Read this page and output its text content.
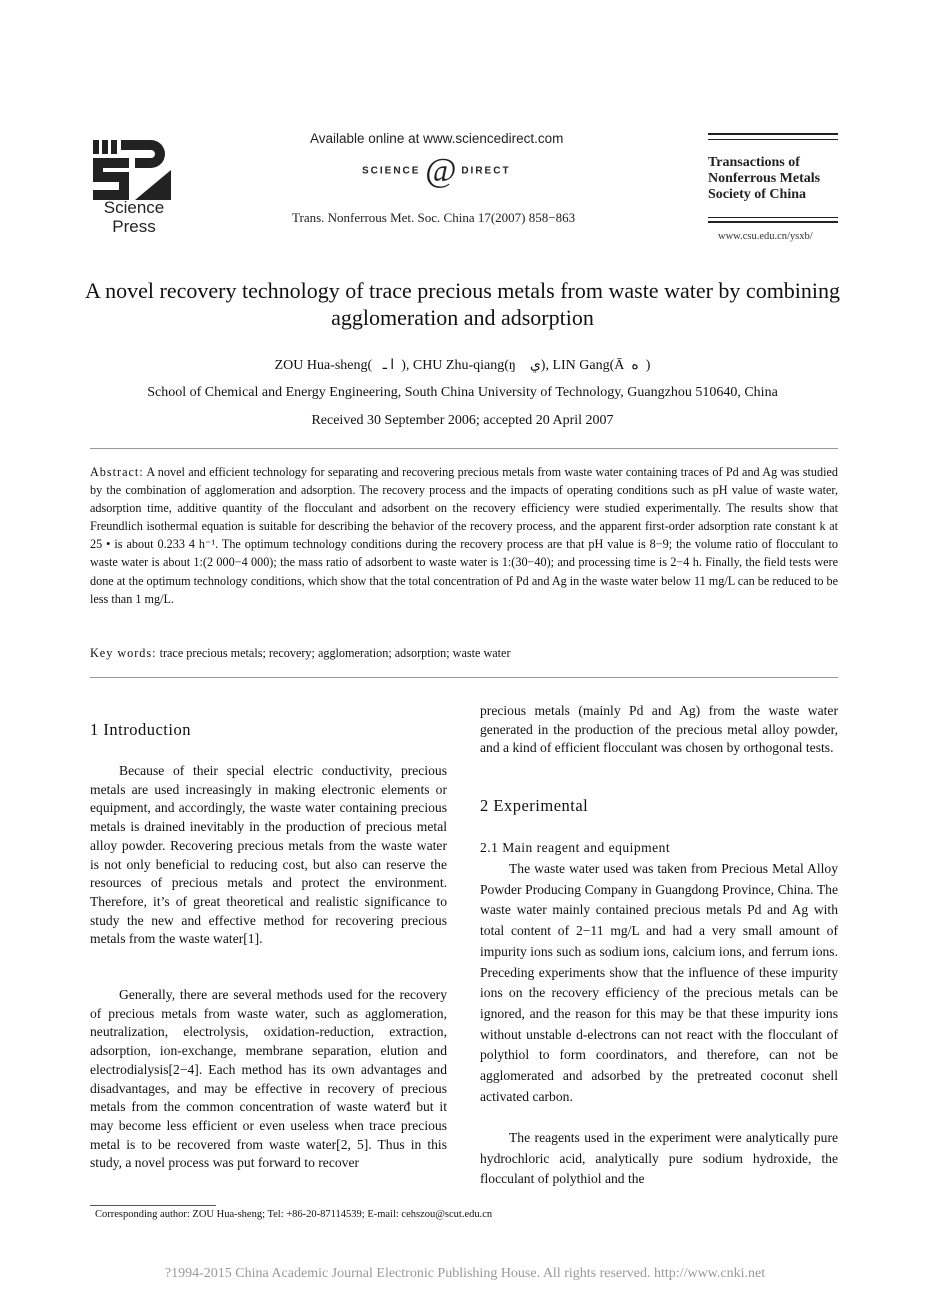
Science Press
Available online at www.sciencedirect.com
SCIENCE @ DIRECT
Trans. Nonferrous Met. Soc. China 17(2007) 858−863
Transactions of
Nonferrous Metals
Society of China
www.csu.edu.cn/ysxb/
A novel recovery technology of trace precious metals from waste water by combining agglomeration and adsorption
ZOU Hua-sheng(   ا ـ  ), CHU Zhu-qiang(ŋ    ي), LIN Gang(Ā  ه  )
School of Chemical and Energy Engineering, South China University of Technology, Guangzhou 510640, China
Received 30 September 2006; accepted 20 April 2007
Abstract: A novel and efficient technology for separating and recovering precious metals from waste water containing traces of Pd and Ag was studied by the combination of agglomeration and adsorption. The recovery process and the impacts of operating conditions such as pH value of waste water, adsorption time, additive quantity of the flocculant and adsorbent on the recovery efficiency were studied experimentally. The results show that Freundlich isothermal equation is suitable for describing the behavior of the recovery process, and the apparent first-order adsorption rate constant k at 25 • is about 0.233 4 h⁻¹. The optimum technology conditions during the recovery process are that pH value is 8−9; the volume ratio of flocculant to waste water is about 1:(2 000−4 000); the mass ratio of adsorbent to waste water is 1:(30−40); and processing time is 2−4 h. Finally, the field tests were done at the optimum technology conditions, which show that the total concentration of Pd and Ag in the waste water below 11 mg/L can be reduced to be less than 1 mg/L.
Key words: trace precious metals; recovery; agglomeration; adsorption; waste water
1 Introduction
Because of their special electric conductivity, precious metals are used increasingly in making electronic elements or equipment, and accordingly, the waste water containing precious metals is drained inevitably in the production of precious metal alloy powder. Recovering precious metals from the waste water is not only beneficial to reducing cost, but also can reserve the resources of precious metals and protect the environment. Therefore, it’s of great theoretical and realistic significance to study the new and effective method for recovering precious metals from the waste water[1].
Generally, there are several methods used for the recovery of precious metals from waste water, such as agglomeration, neutralization, electrolysis, oxidation-reduction, extraction, adsorption, ion-exchange, membrane separation, elution and electrodialysis[2−4]. Each method has its own advantages and disadvantages, and may be effective in recovery of precious metals from the common concentration of waste waterđ but it may become less efficient or even useless when trace precious metal is to be recovered from waste water[2, 5]. Thus in this study, a novel process was put forward to recover
precious metals (mainly Pd and Ag) from the waste water generated in the production of the precious metal alloy powder, and a kind of efficient flocculant was chosen by orthogonal tests.
2 Experimental
2.1 Main reagent and equipment
The waste water used was taken from Precious Metal Alloy Powder Producing Company in Guangdong Province, China. The waste water mainly contained precious metals Pd and Ag with total content of 2−11 mg/L and had a very small amount of impurity ions such as sodium ions, calcium ions, and ferrum ions. Preceding experiments show that the influence of these impurity ions on the recovery efficiency of the precious metals can be ignored, and the reason for this may be that these impurity ions without unstable d-electrons can not react with the flocculant of polythiol to form coordinators, and therefore, can not be agglomerated and adsorbed by the pretreated coconut shell activated carbon.
The reagents used in the experiment were analytically pure hydrochloric acid, analytically pure sodium hydroxide, the flocculant of polythiol and the
Corresponding author: ZOU Hua-sheng; Tel: +86-20-87114539; E-mail: cehszou@scut.edu.cn
?1994-2015 China Academic Journal Electronic Publishing House. All rights reserved. http://www.cnki.net
